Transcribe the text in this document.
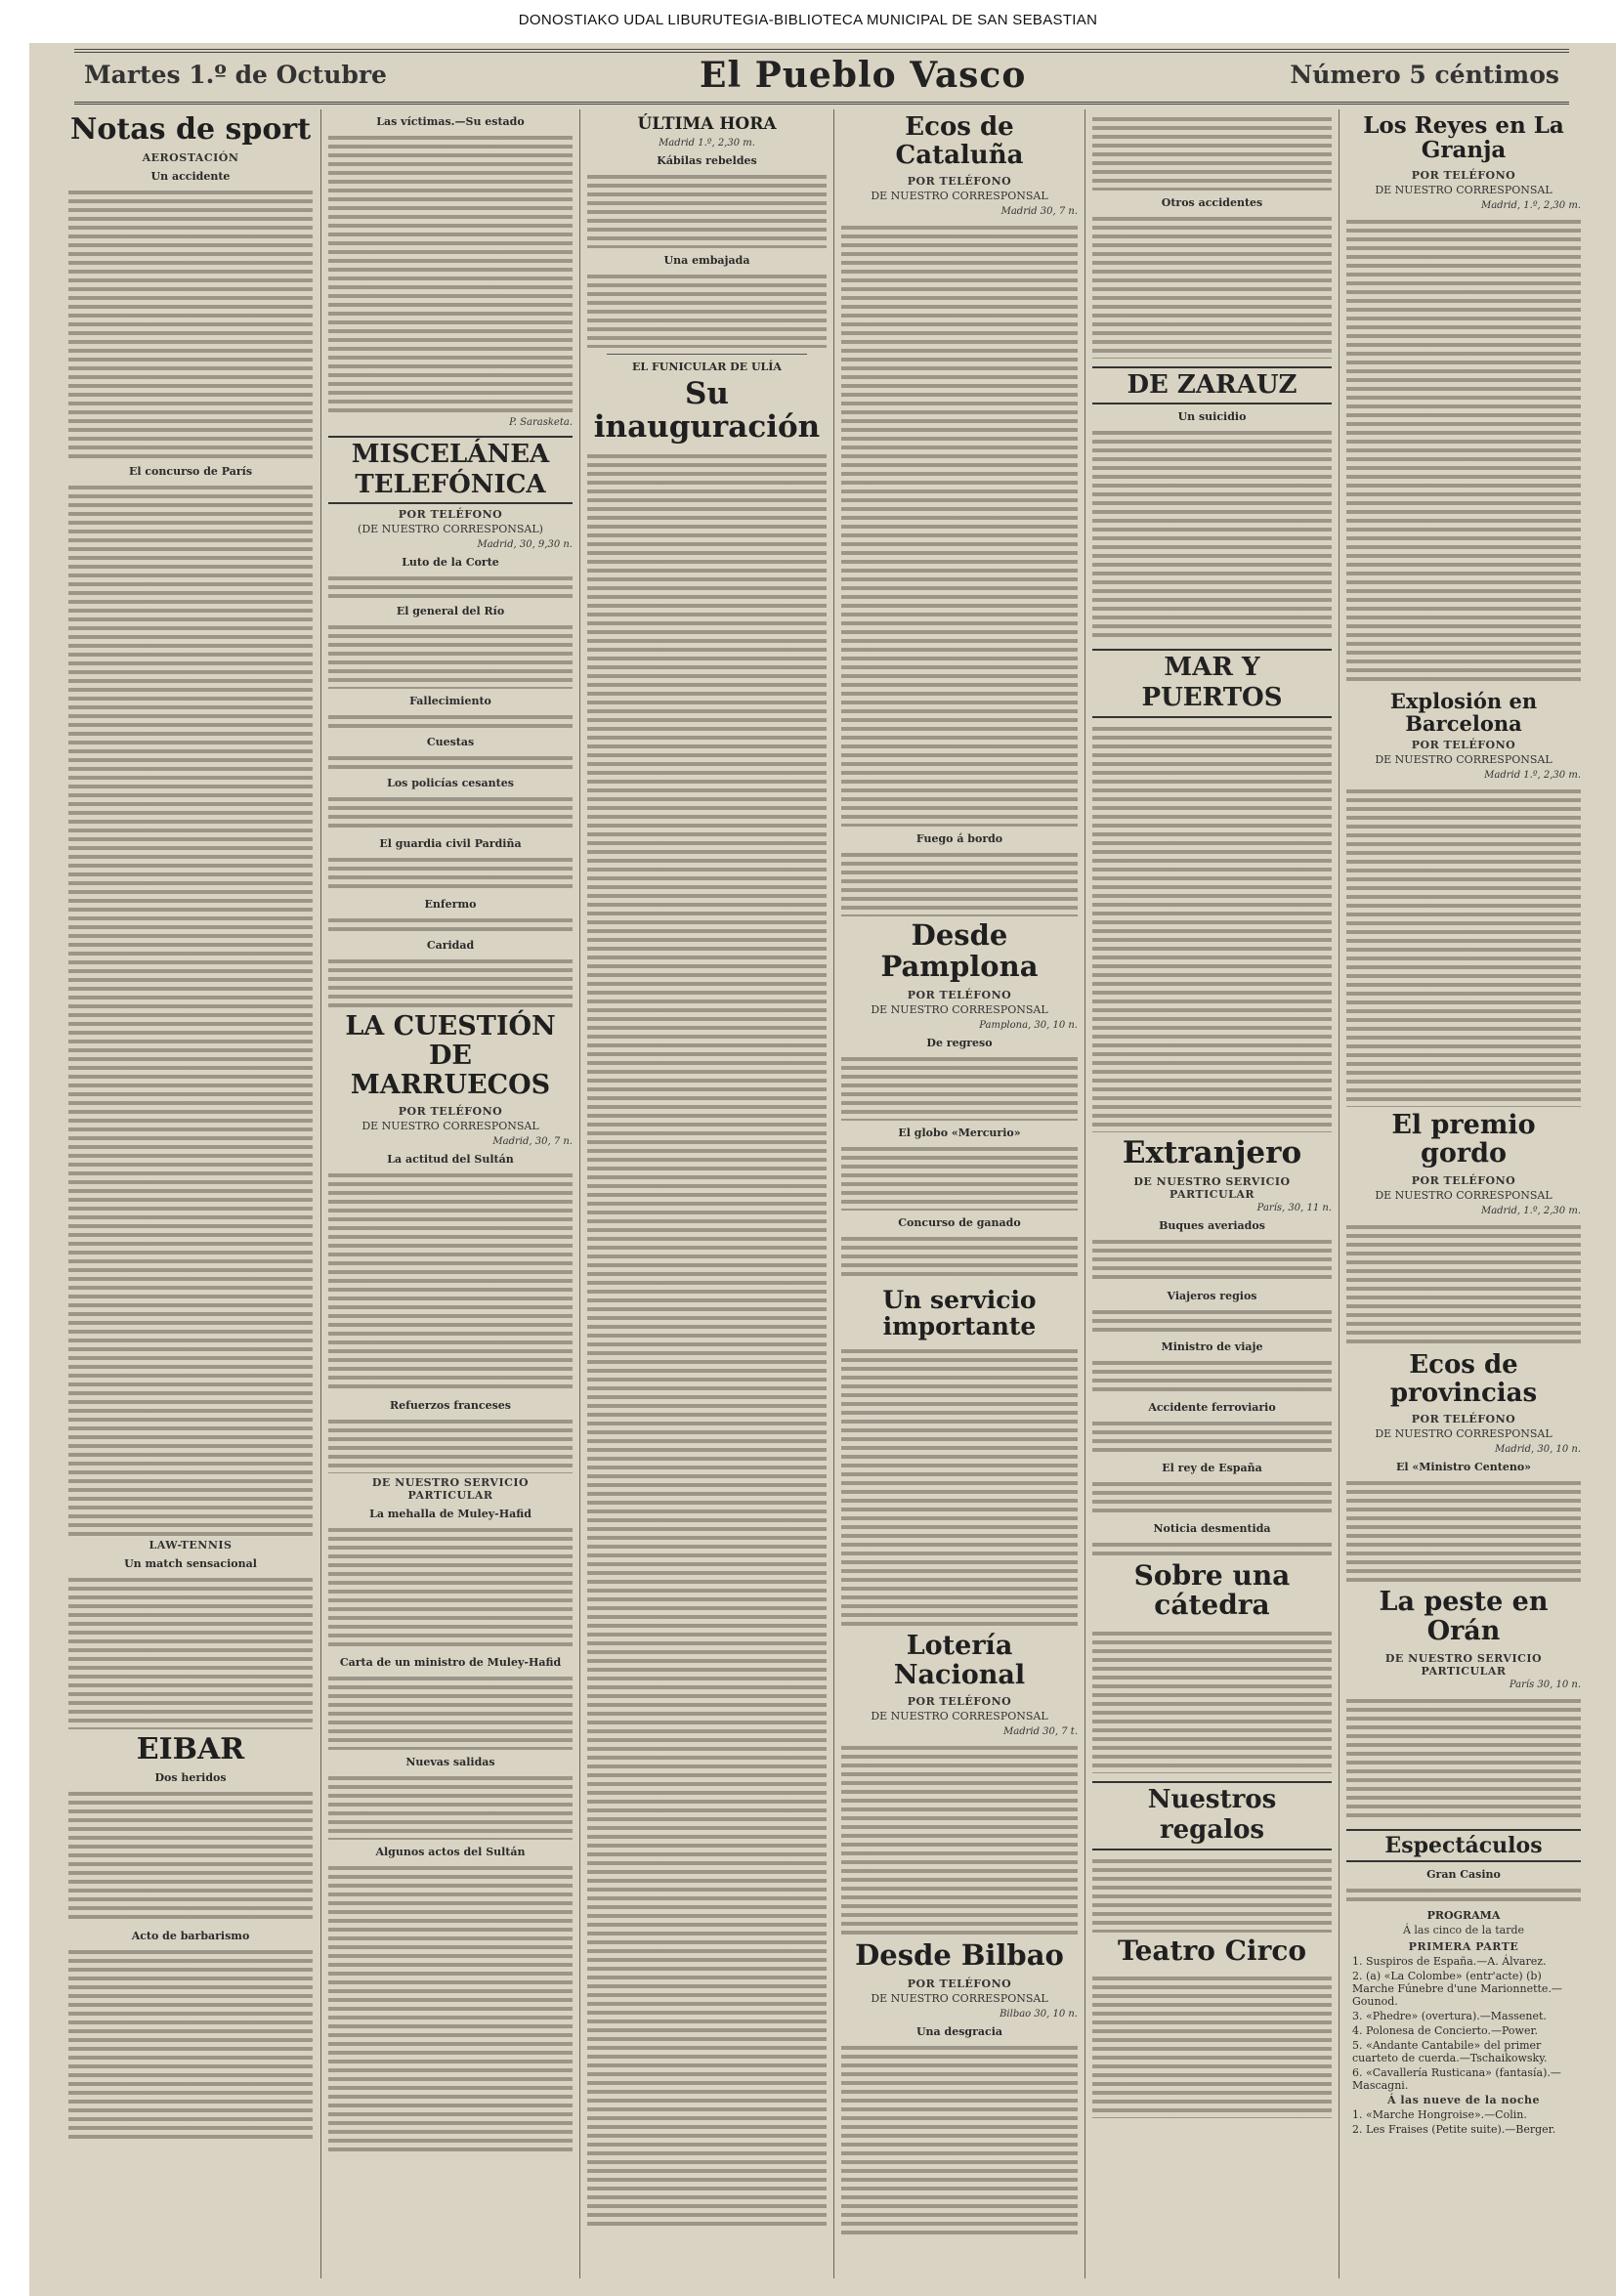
DONOSTIAKO UDAL LIBURUTEGIA-BIBLIOTECA MUNICIPAL DE SAN SEBASTIAN
Martes 1.º de Octubre	El Pueblo Vasco	Número 5 céntimos
Notas de sport
AEROSTACIÓN
Un accidente
El concurso de París
LAW-TENNIS
Un match sensacional
EIBAR
Dos heridos
Acto de barbarismo
Las víctimas.—Su estado
P. Sarasketa.
MISCELÁNEA TELEFÓNICA
POR TELÉFONO
(DE NUESTRO CORRESPONSAL)
Madrid, 30, 9,30 n.
Luto de la Corte
El general del Río
Fallecimiento
Cuestas
Los policías cesantes
El guardia civil Pardiña
Enfermo
Caridad
LA CUESTIÓN DE MARRUECOS
POR TELÉFONO
DE NUESTRO CORRESPONSAL
Madrid, 30, 7 n.
La actitud del Sultán
Refuerzos franceses
DE NUESTRO SERVICIO PARTICULAR
La mehalla de Muley-Hafid
Carta de un ministro de Muley-Hafid
Nuevas salidas
Algunos actos del Sultán
ÚLTIMA HORA
Madrid 1.º, 2,30 m.
Kábilas rebeldes
Una embajada
EL FUNICULAR DE ULÍA
Su inauguración
Ecos de Cataluña
POR TELÉFONO
DE NUESTRO CORRESPONSAL
Madrid 30, 7 n.
Fuego á bordo
Desde Pamplona
POR TELÉFONO
DE NUESTRO CORRESPONSAL
Pamplona, 30, 10 n.
De regreso
El globo «Mercurio»
Concurso de ganado
Un servicio importante
Lotería Nacional
POR TELÉFONO
DE NUESTRO CORRESPONSAL
Madrid 30, 7 t.
Desde Bilbao
POR TELÉFONO
DE NUESTRO CORRESPONSAL
Bilbao 30, 10 n.
Una desgracia
Otros accidentes
DE ZARAUZ
Un suicidio
MAR Y PUERTOS
Extranjero
DE NUESTRO SERVICIO PARTICULAR
París, 30, 11 n.
Buques averiados
Viajeros regios
Ministro de viaje
Accidente ferroviario
El rey de España
Noticia desmentida
Sobre una cátedra
Nuestros regalos
Teatro Circo
Los Reyes en La Granja
POR TELÉFONO
DE NUESTRO CORRESPONSAL
Madrid, 1.º, 2,30 m.
Explosión en Barcelona
POR TELÉFONO
DE NUESTRO CORRESPONSAL
Madrid 1.º, 2,30 m.
El premio gordo
POR TELÉFONO
DE NUESTRO CORRESPONSAL
Madrid, 1.º, 2,30 m.
Ecos de provincias
POR TELÉFONO
DE NUESTRO CORRESPONSAL
Madrid, 30, 10 n.
El «Ministro Centeno»
La peste en Orán
DE NUESTRO SERVICIO PARTICULAR
París 30, 10 n.
Espectáculos
Gran Casino
PROGRAMA
Á las cinco de la tarde
PRIMERA PARTE
1. Suspiros de España.—A. Álvarez.
2. (a) «La Colombe» (entr'acte) (b) Marche Fúnebre d'une Marionnette.—Gounod.
3. «Phedre» (overtura).—Massenet.
4. Polonesa de Concierto.—Power.
5. «Andante Cantabile» del primer cuarteto de cuerda.—Tschaikowsky.
6. «Cavallería Rusticana» (fantasía).—Mascagni.
Á las nueve de la noche
1. «Marche Hongroise».—Colin.
2. Les Fraises (Petite suite).—Berger.
